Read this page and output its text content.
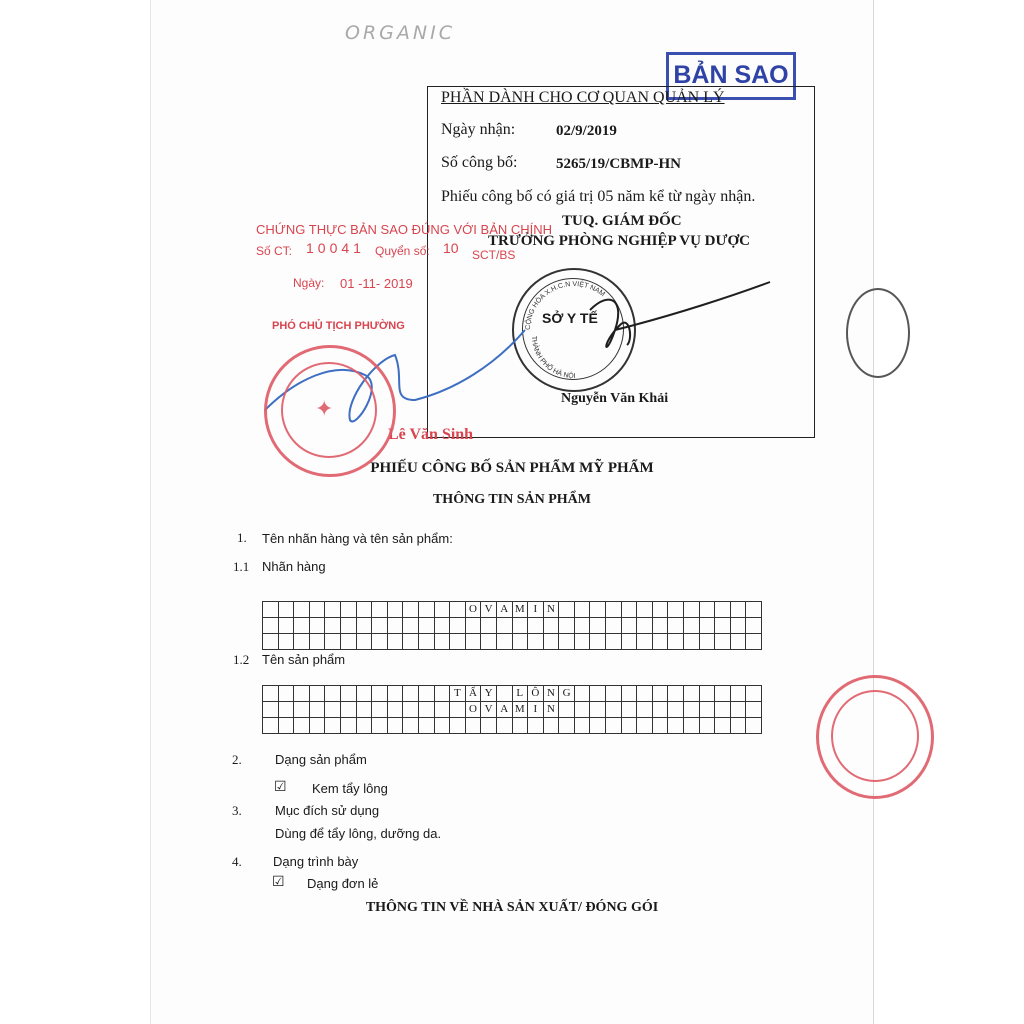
ORGANIC
BẢN SAO
PHẦN DÀNH CHO CƠ QUAN QUẢN LÝ
Ngày nhận:	02/9/2019
Số công bố:	5265/19/CBMP-HN
Phiếu công bố có giá trị 05 năm kể từ ngày nhận.
TUQ. GIÁM ĐỐC
TRƯỞNG PHÒNG NGHIỆP VỤ DƯỢC
Nguyễn Văn Khải
CỘNG HÒA X.H.C.N VIỆT NAM
THÀNH PHỐ HÀ NỘI
SỞ Y TẾ
CHỨNG THỰC BẢN SAO ĐÚNG VỚI BẢN CHÍNH
Số CT: 10041 Quyển số: 10 SCT/BS
Ngày: 01 -11- 2019
PHÓ CHỦ TỊCH PHƯỜNG
Lê Văn Sinh
✦
PHIẾU CÔNG BỐ SẢN PHẨM MỸ PHẨM
THÔNG TIN SẢN PHẨM
1. Tên nhãn hàng và tên sản phẩm:
1.1 Nhãn hàng
													O	V	A	M	I	N													

1.2 Tên sản phẩm
												T	Ẩ	Y		L	Ô	N	G												
													O	V	A	M	I	N													

2.	Dạng sản phẩm
☑ Kem tẩy lông
3.	Mục đích sử dụng
Dùng để tẩy lông, dưỡng da.
4. Dạng trình bày
☑ Dạng đơn lẻ
THÔNG TIN VỀ NHÀ SẢN XUẤT/ ĐÓNG GÓI
